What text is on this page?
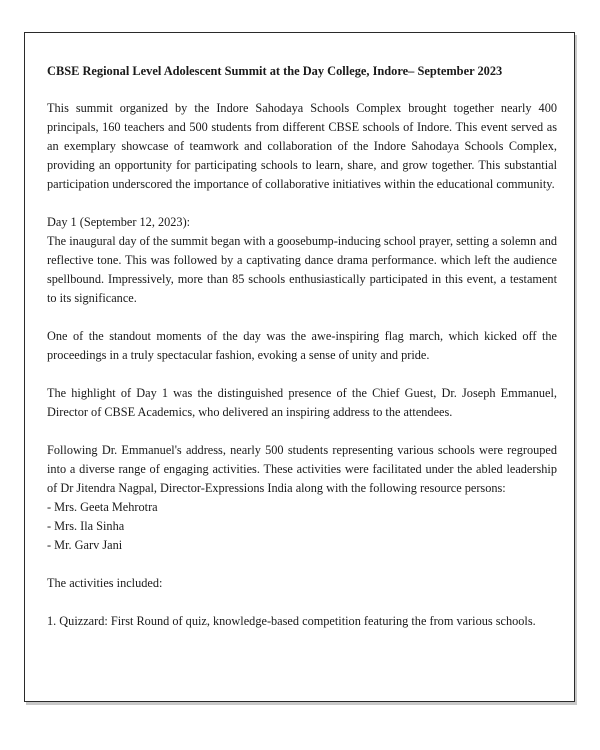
CBSE Regional Level Adolescent Summit at the Day College, Indore– September 2023

This summit organized by the Indore Sahodaya Schools Complex brought together nearly 400 principals, 160 teachers and 500 students from different CBSE schools of Indore. This event served as an exemplary showcase of teamwork and collaboration of the Indore Sahodaya Schools Complex, providing an opportunity for participating schools to learn, share, and grow together. This substantial participation underscored the importance of collaborative initiatives within the educational community.

Day 1 (September 12, 2023):

The inaugural day of the summit began with a goosebump-inducing school prayer, setting a solemn and reflective tone. This was followed by a captivating dance drama performance. which left the audience spellbound. Impressively, more than 85 schools enthusiastically participated in this event, a testament to its significance.

One of the standout moments of the day was the awe-inspiring flag march, which kicked off the proceedings in a truly spectacular fashion, evoking a sense of unity and pride.

The highlight of Day 1 was the distinguished presence of the Chief Guest, Dr. Joseph Emmanuel, Director of CBSE Academics, who delivered an inspiring address to the attendees.

Following Dr. Emmanuel's address, nearly 500 students representing various schools were regrouped into a diverse range of engaging activities. These activities were facilitated under the abled leadership of Dr Jitendra Nagpal, Director-Expressions India along with the following resource persons:

- Mrs. Geeta Mehrotra
- Mrs. Ila Sinha
- Mr. Garv Jani

The activities included:

1. Quizzard: First Round of quiz, knowledge-based competition featuring the from various schools.
